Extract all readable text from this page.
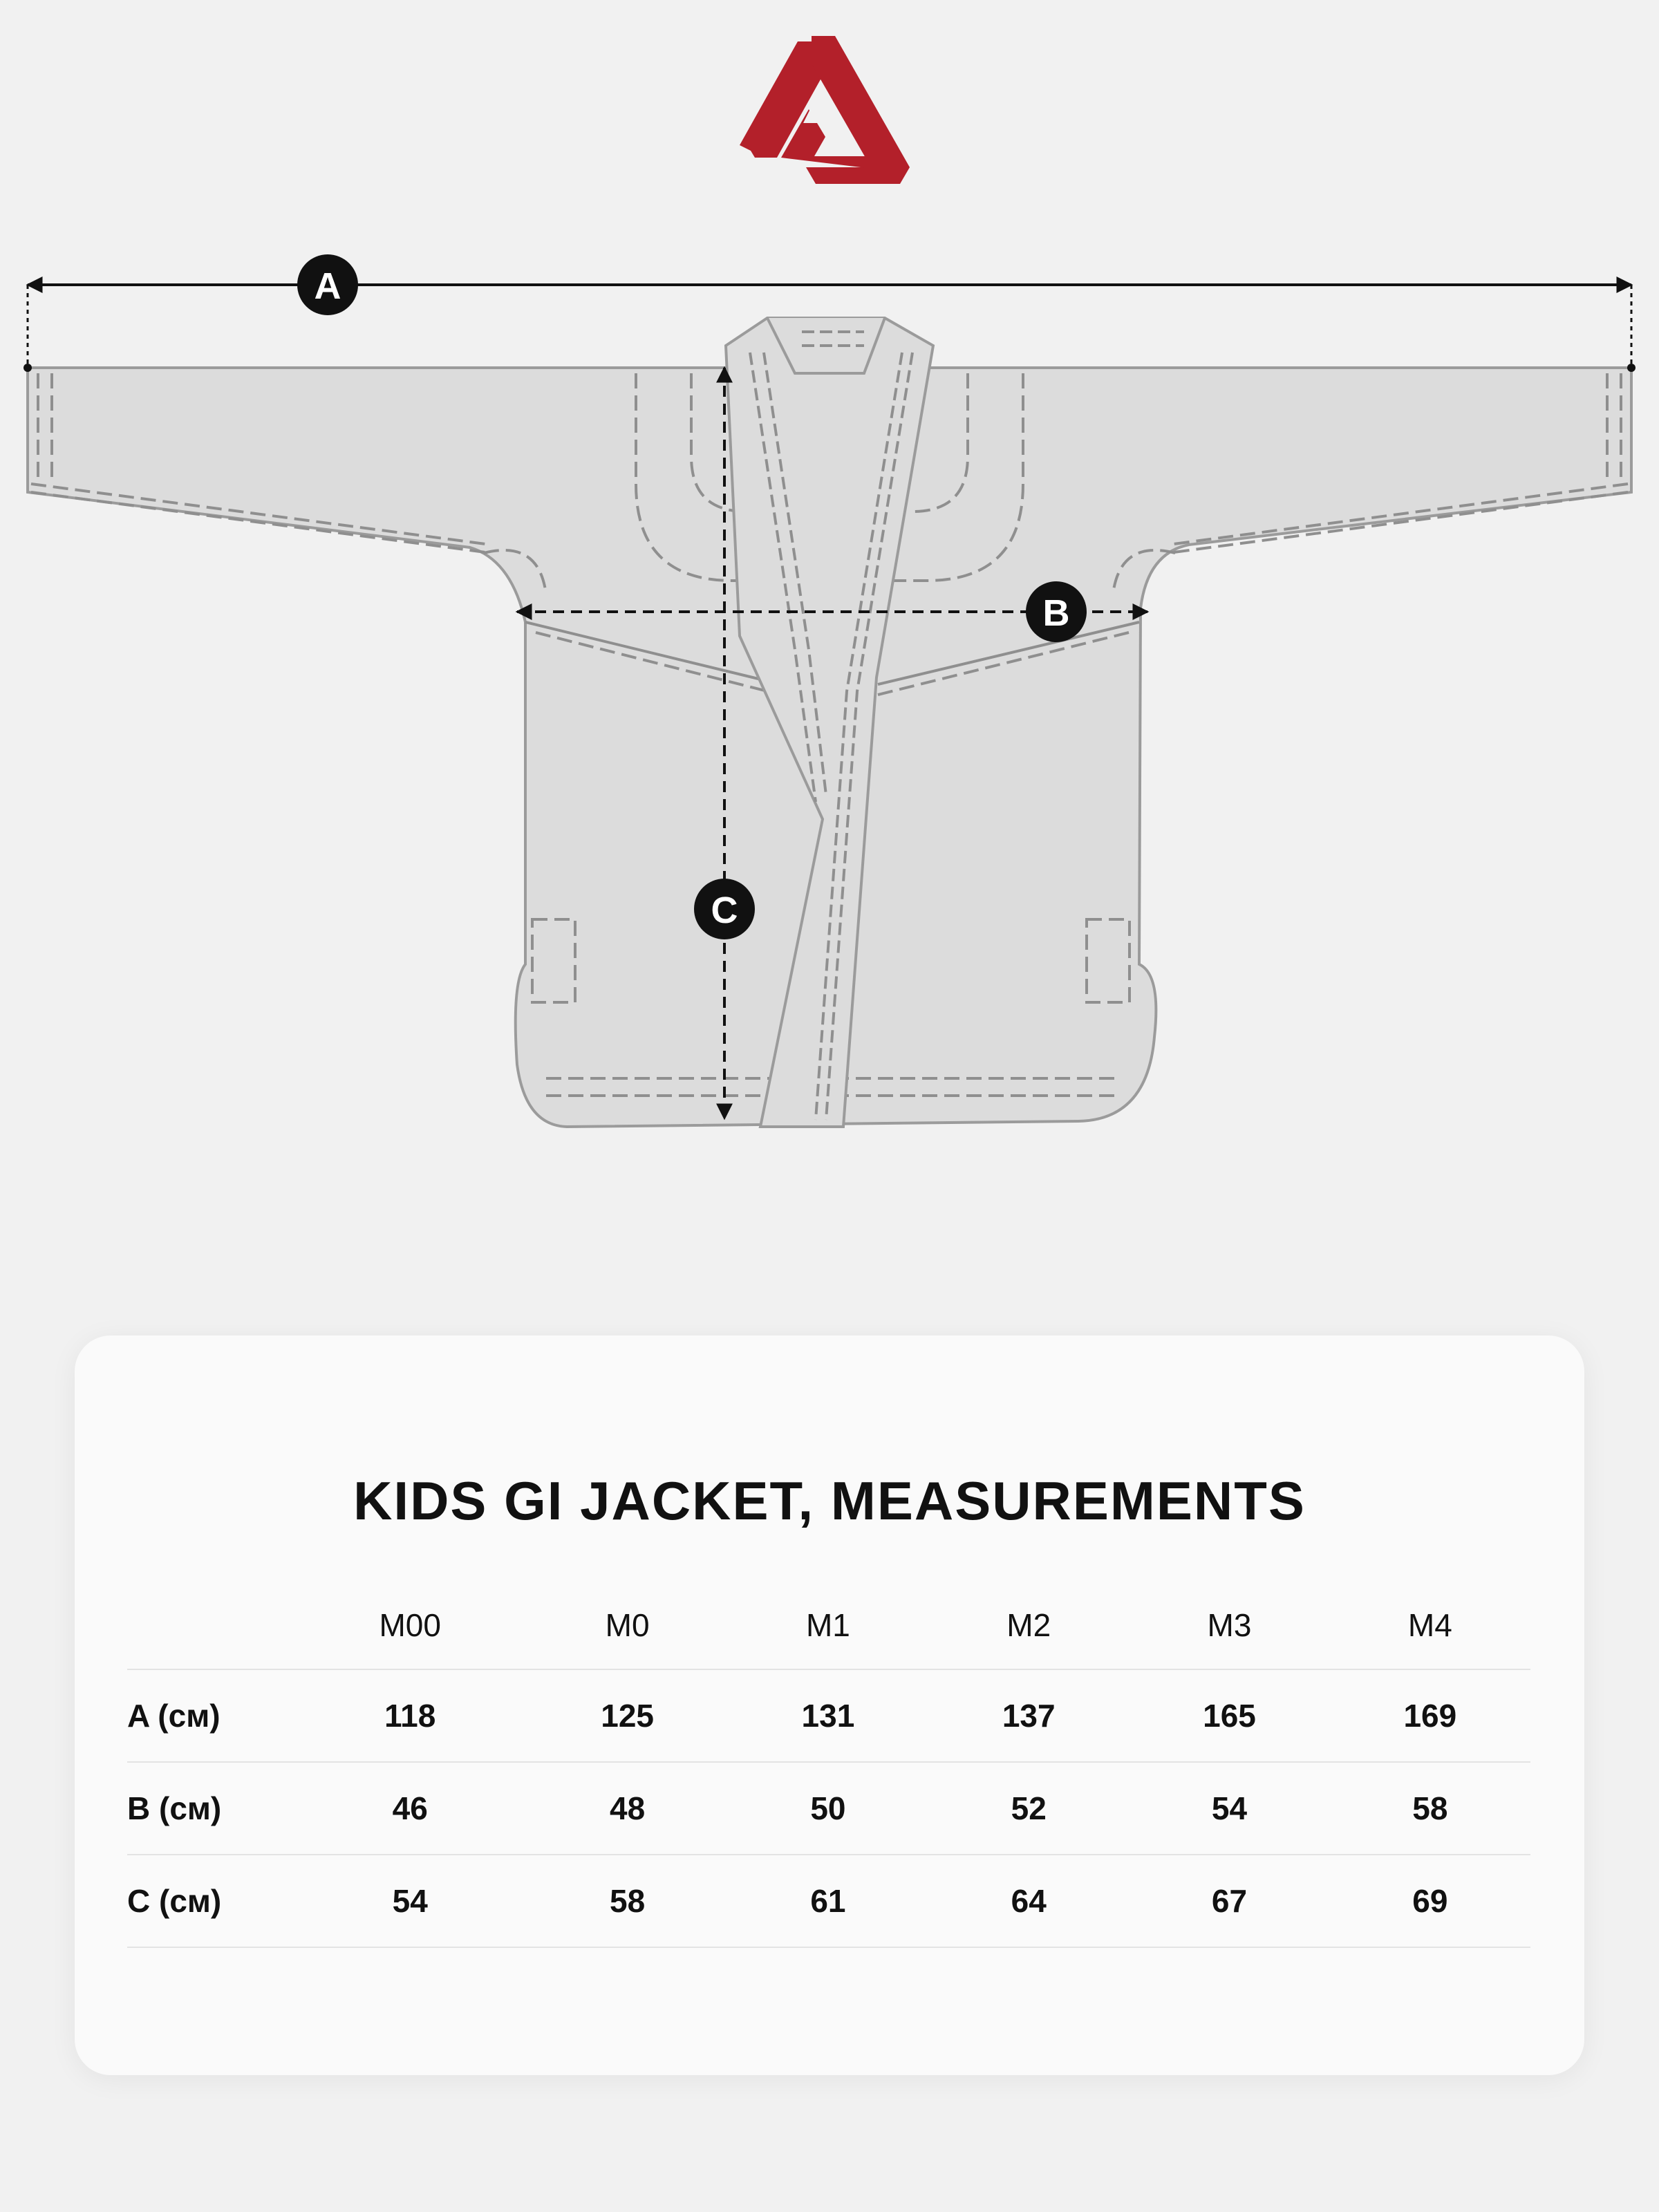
A
B
C
KIDS GI JACKET, MEASUREMENTS
	M00	M0	M1	M2	M3	M4
A (см)	118	125	131	137	165	169
B (см)	46	48	50	52	54	58
C (см)	54	58	61	64	67	69
